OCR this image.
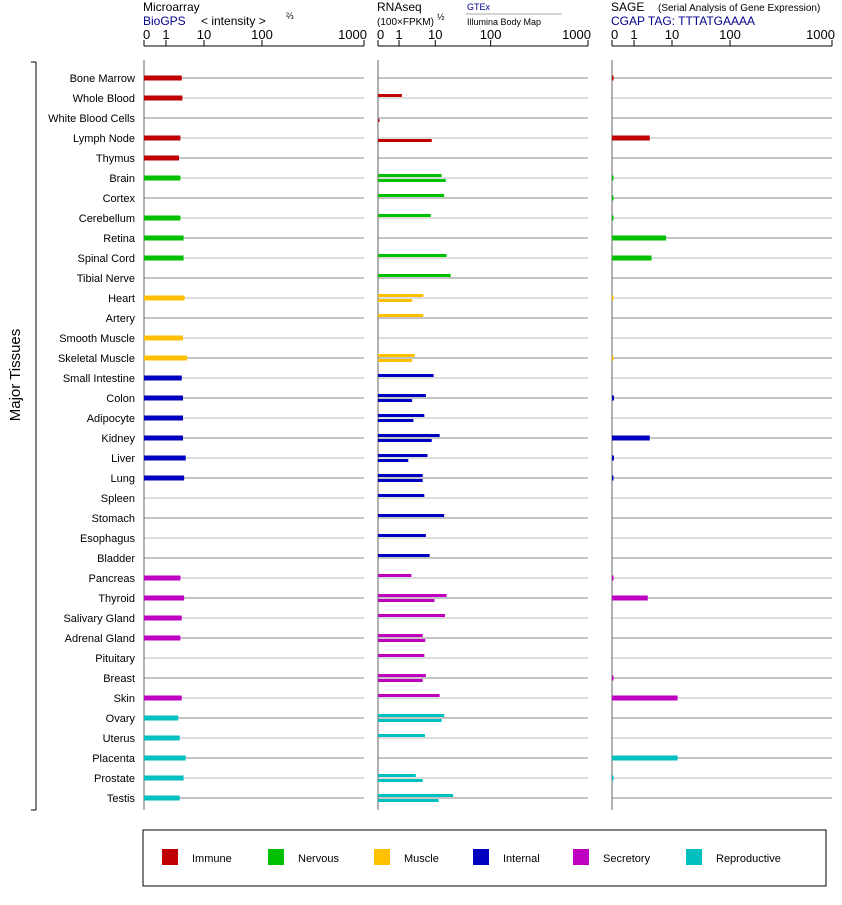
0 1 10	100	1000 0 1 10	100	1000 0 1 10	100	1000
Microarray
BioGPS < intensity > ⅔
RNAseq
(100×FPKM) ½
GTEx
Illumina Body Map
SAGE (Serial Analysis of Gene Expression)
CGAP TAG: TTTATGAAAA
Major Tissues
Bone Marrow
Whole Blood
White Blood Cells
Lymph Node
Thymus
Brain
Cortex
Cerebellum
Retina
Spinal Cord
Tibial Nerve
Heart
Artery
Smooth Muscle
Skeletal Muscle
Small Intestine
Colon
Adipocyte
Kidney
Liver
Lung
Spleen
Stomach
Esophagus
Bladder
Pancreas
Thyroid
Salivary Gland
Adrenal Gland
Pituitary
Breast
Skin
Ovary
Uterus
Placenta
Prostate
Testis
Immune	Nervous	Muscle	Internal	Secretory	Reproductive
